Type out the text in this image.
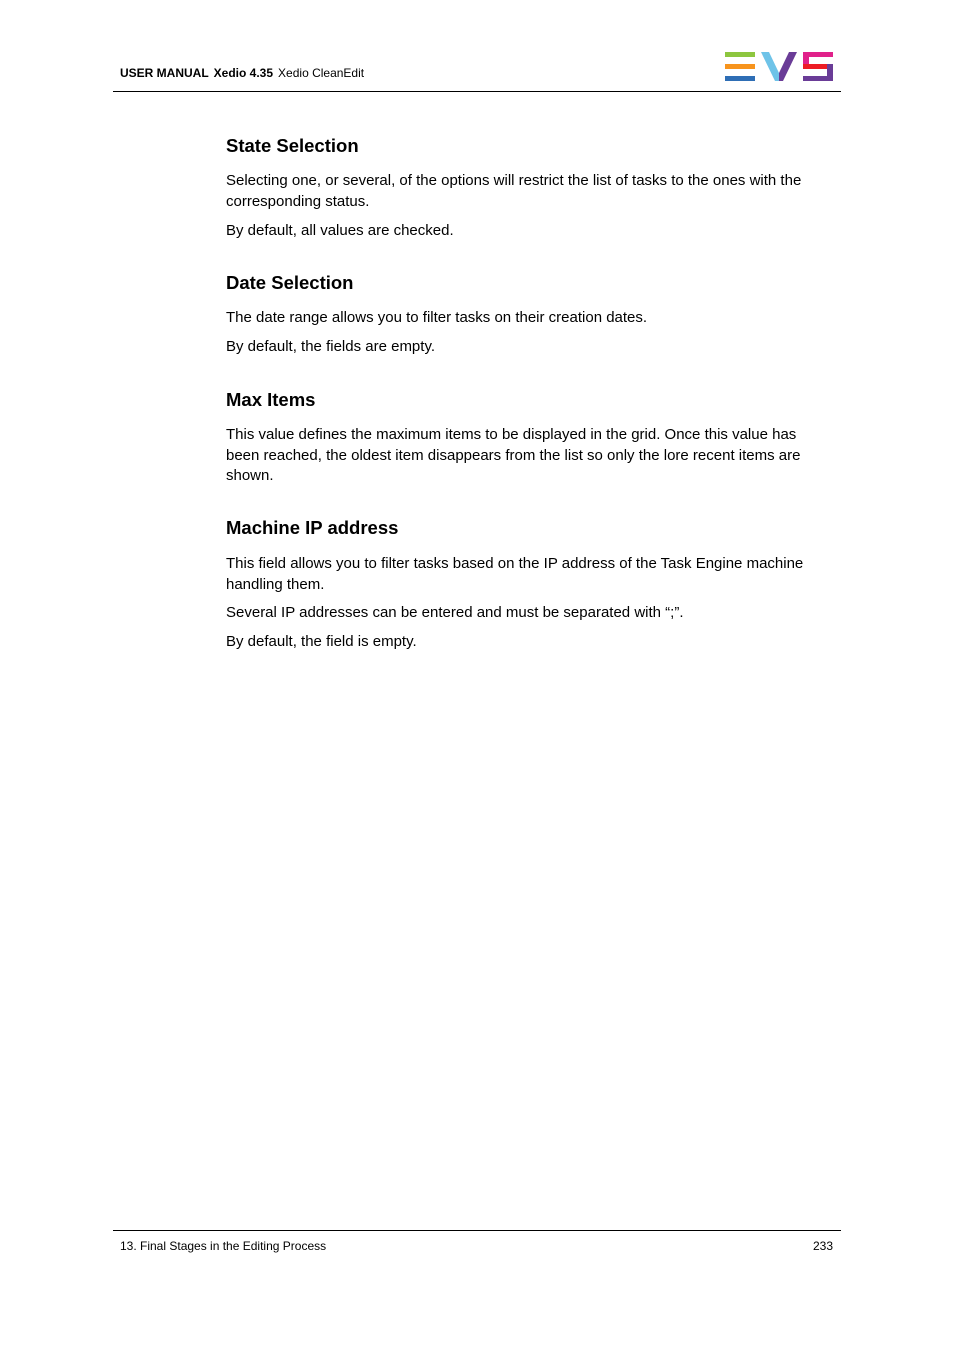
USER MANUAL Xedio 4.35 Xedio CleanEdit
State Selection

Selecting one, or several, of the options will restrict the list of tasks to the ones with the corresponding status.

By default, all values are checked.

Date Selection

The date range allows you to filter tasks on their creation dates.

By default, the fields are empty.

Max Items

This value defines the maximum items to be displayed in the grid. Once this value has been reached, the oldest item disappears from the list so only the lore recent items are shown.

Machine IP address

This field allows you to filter tasks based on the IP address of the Task Engine machine handling them.

Several IP addresses can be entered and must be separated with “;”.

By default, the field is empty.

13. Final Stages in the Editing Process	233
